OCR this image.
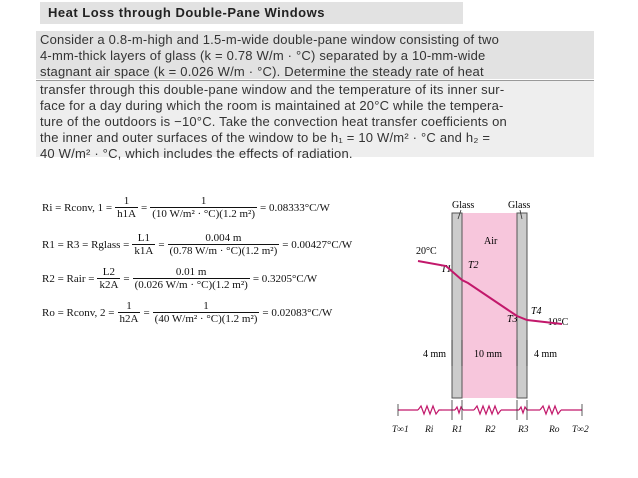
Heat Loss through Double-Pane Windows
Consider a 0.8-m-high and 1.5-m-wide double-pane window consisting of two
4-mm-thick layers of glass (k = 0.78 W/m · °C) separated by a 10-mm-wide
stagnant air space (k = 0.026 W/m · °C). Determine the steady rate of heat
transfer through this double-pane window and the temperature of its inner sur-
face for a day during which the room is maintained at 20°C while the tempera-
ture of the outdoors is −10°C. Take the convection heat transfer coefficients on
the inner and outer surfaces of the window to be h₁ = 10 W/m² · °C and h₂ =
40 W/m² · °C, which includes the effects of radiation.
Ri = Rconv, $1 = \frac{1}{h1A} = \frac{1}{\text{(10 W/m² · °C)(1.2 m²)}} = 0.08333^\circ C/W$
R1 = R3 = Rglass = $\frac{L1}{k1A} = \frac{0.004 m}{\text{(0.78 W/m · °C)(1.2 m²)}} = 0.00427^\circ C/W$
R2 = Rair = $\frac{L2}{k2A} = \frac{0.01 m}{\text{(0.026 W/m · °C)(1.2 m²)}} = 0.3205^\circ C/W$
Ro = Rconv, $2 = \frac{1}{h2A} = \frac{1}{\text{(40 W/m² · °C)(1.2 m²)}} = 0.02083^\circ C/W$
Glass	Glass
Air
20°C
−10°C
T1 T2
T3
T4
4 mm	10 mm	4 mm
T∞1 Ri R1 R2 R3 Ro T∞2
